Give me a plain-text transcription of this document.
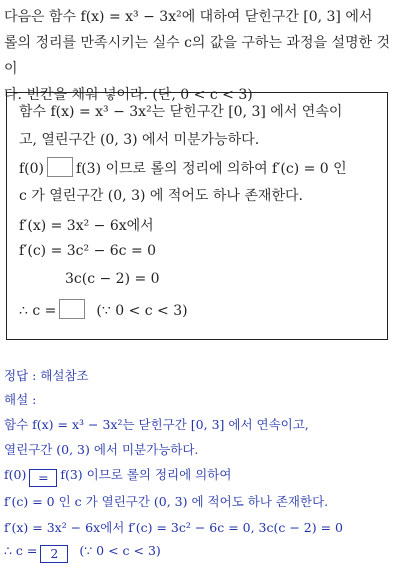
다음은 함수 f(x) = x³ − 3x²에 대하여 닫힌구간 [0, 3] 에서
롤의 정리를 만족시키는 실수 c의 값을 구하는 과정을 설명한 것이
다. 빈칸을 채워 넣어라. (단, 0 < c < 3)
함수 f(x) = x³ − 3x²는 닫힌구간 [0, 3] 에서 연속이
고, 열린구간 (0, 3) 에서 미분가능하다.
f(0) f(3) 이므로 롤의 정리에 의하여 f′(c) = 0 인
c 가 열린구간 (0, 3) 에 적어도 하나 존재한다.
f′(x) = 3x² − 6x에서
f′(c) = 3c² − 6c = 0
3c(c − 2) = 0
∴ c =	(∵ 0 < c < 3)
정답 : 해설참조
해설 :
함수 f(x) = x³ − 3x²는 닫힌구간 [0, 3] 에서 연속이고,
열린구간 (0, 3) 에서 미분가능하다.
f(0) = f(3) 이므로 롤의 정리에 의하여
f′(c) = 0 인 c 가 열린구간 (0, 3) 에 적어도 하나 존재한다.
f′(x) = 3x² − 6x에서 f′(c) = 3c² − 6c = 0, 3c(c − 2) = 0
∴ c = 2 (∵ 0 < c < 3)
